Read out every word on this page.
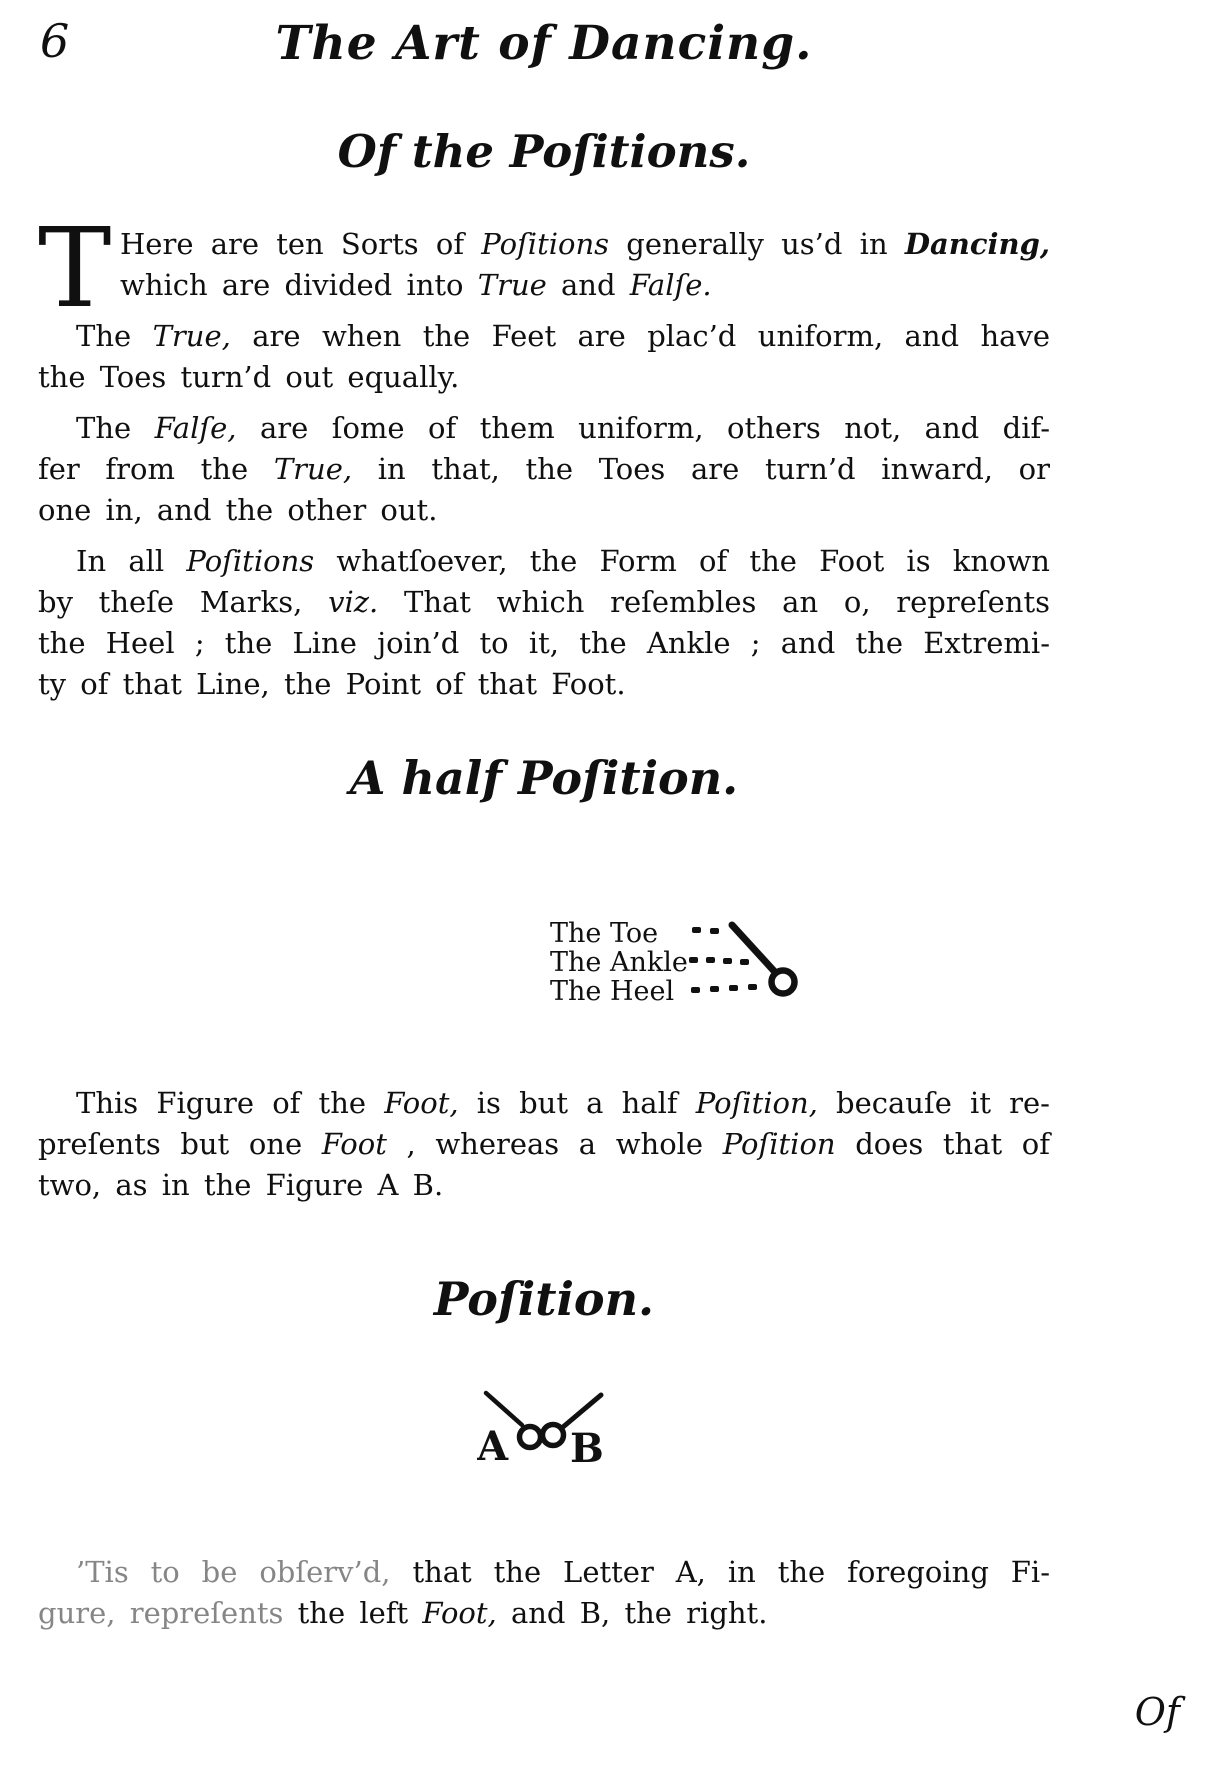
6	The Art of Dancing.
Of the Poſitions.
T Here are ten Sorts of Poſitions generally us’d in Dancing,
which are divided into True and Falſe.
The True, are when the Feet are plac’d uniform, and have
the Toes turn’d out equally.
The Falſe, are ſome of them uniform, others not, and dif-
fer from the True, in that, the Toes are turn’d inward, or
one in, and the other out.
In all Poſitions whatſoever, the Form of the Foot is known
by theſe Marks, viz. That which reſembles an o, repreſents
the Heel ; the Line join’d to it, the Ankle ; and the Extremi-
ty of that Line, the Point of that Foot.
A half Poſition.
The Toe
The Ankle
The Heel
This Figure of the Foot, is but a half Poſition, becauſe it re-
preſents but one Foot , whereas a whole Poſition does that of
two, as in the Figure A B.
Poſition.
A B
’Tis to be obſerv’d, that the Letter A, in the foregoing Fi-
gure, repreſents the left Foot, and B, the right.
Of
